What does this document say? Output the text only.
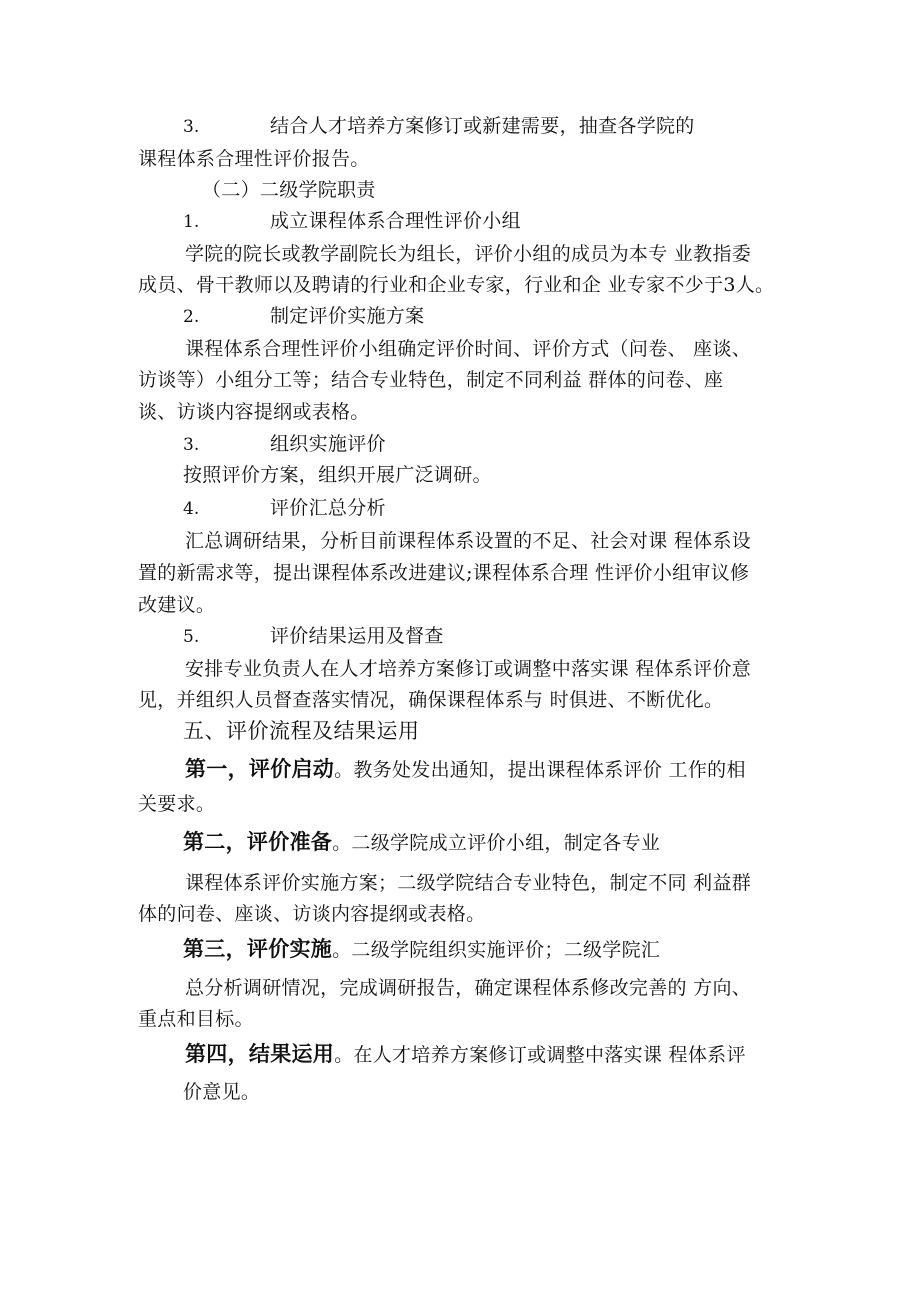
3.	结合人才培养方案修订或新建需要，抽查各学院的
课程体系合理性评价报告。
（二）二级学院职责
1.	成立课程体系合理性评价小组
学院的院长或教学副院长为组长，评价小组的成员为本专 业教指委
成员、骨干教师以及聘请的行业和企业专家，行业和企 业专家不少于3人。
2.	制定评价实施方案
课程体系合理性评价小组确定评价时间、评价方式（问卷、 座谈、
访谈等）小组分工等；结合专业特色，制定不同利益 群体的问卷、座
谈、访谈内容提纲或表格。
3.	组织实施评价
按照评价方案，组织开展广泛调研。
4.	评价汇总分析
汇总调研结果，分析目前课程体系设置的不足、社会对课 程体系设
置的新需求等，提出课程体系改进建议;课程体系合理 性评价小组审议修
改建议。
5.	评价结果运用及督查
安排专业负责人在人才培养方案修订或调整中落实课 程体系评价意
见，并组织人员督查落实情况，确保课程体系与 时俱进、不断优化。
五、评价流程及结果运用
第一，评价启动。教务处发出通知，提出课程体系评价 工作的相
关要求。
第二，评价准备。二级学院成立评价小组，制定各专业
课程体系评价实施方案；二级学院结合专业特色，制定不同 利益群
体的问卷、座谈、访谈内容提纲或表格。
第三，评价实施。二级学院组织实施评价；二级学院汇
总分析调研情况，完成调研报告，确定课程体系修改完善的 方向、
重点和目标。
第四，结果运用。在人才培养方案修订或调整中落实课 程体系评
价意见。
